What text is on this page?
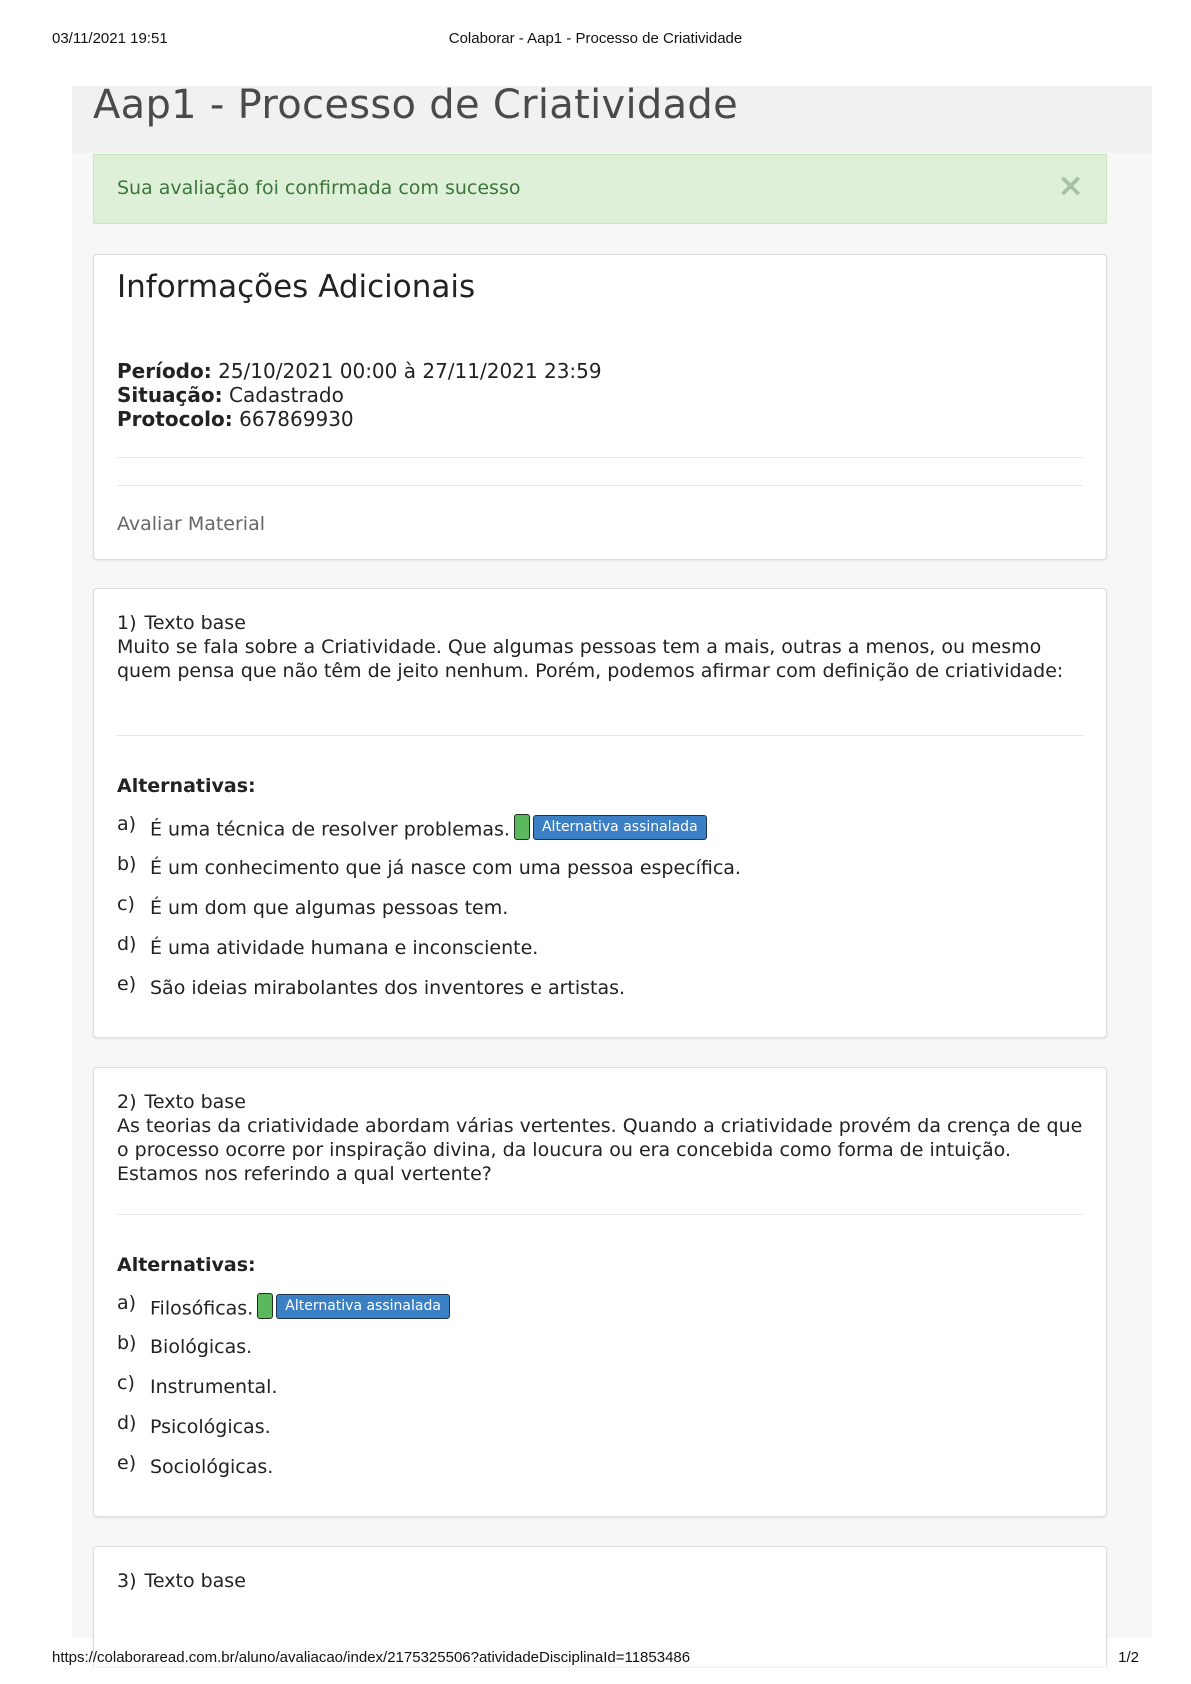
03/11/2021 19:51	Colaborar - Aap1 - Processo de Criatividade
Aap1 - Processo de Criatividade
Sua avaliação foi confirmada com sucesso	×
Informações Adicionais
Período: 25/10/2021 00:00 à 27/11/2021 23:59
Situação: Cadastrado
Protocolo: 667869930
Avaliar Material
1) Texto base
Muito se fala sobre a Criatividade. Que algumas pessoas tem a mais, outras a menos, ou mesmo quem pensa que não têm de jeito nenhum. Porém, podemos afirmar com definição de criatividade:
Alternativas:
a) É uma técnica de resolver problemas. Alternativa assinalada
b) É um conhecimento que já nasce com uma pessoa específica.
c) É um dom que algumas pessoas tem.
d) É uma atividade humana e inconsciente.
e) São ideias mirabolantes dos inventores e artistas.
2) Texto base
As teorias da criatividade abordam várias vertentes. Quando a criatividade provém da crença de que o processo ocorre por inspiração divina, da loucura ou era concebida como forma de intuição. Estamos nos referindo a qual vertente?
Alternativas:
a) Filosóficas. Alternativa assinalada
b) Biológicas.
c) Instrumental.
d) Psicológicas.
e) Sociológicas.
3) Texto base
https://colaboraread.com.br/aluno/avaliacao/index/2175325506?atividadeDisciplinaId=11853486	1/2
